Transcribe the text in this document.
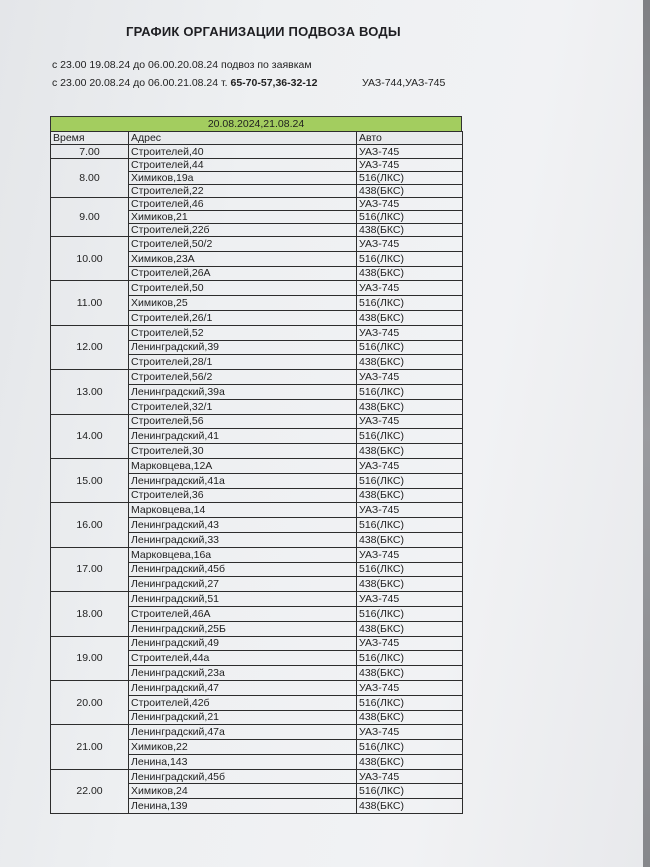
ГРАФИК ОРГАНИЗАЦИИ ПОДВОЗА ВОДЫ
с 23.00 19.08.24 до 06.00.20.08.24 подвоз по заявкам
с 23.00 20.08.24 до 06.00.21.08.24 т. 65-70-57,36-32-12	УАЗ-744,УАЗ-745
20.08.2024,21.08.24
Время	Адрес	Авто
7.00	Строителей,40	УАЗ-745
8.00	Строителей,44	УАЗ-745
	Химиков,19а	516(ЛКС)
	Строителей,22	438(БКС)
9.00	Строителей,46	УАЗ-745
	Химиков,21	516(ЛКС)
	Строителей,22б	438(БКС)
10.00	Строителей,50/2	УАЗ-745
	Химиков,23А	516(ЛКС)
	Строителей,26А	438(БКС)
11.00	Строителей,50	УАЗ-745
	Химиков,25	516(ЛКС)
	Строителей,26/1	438(БКС)
12.00	Строителей,52	УАЗ-745
	Ленинградский,39	516(ЛКС)
	Строителей,28/1	438(БКС)
13.00	Строителей,56/2	УАЗ-745
	Ленинградский,39а	516(ЛКС)
	Строителей,32/1	438(БКС)
14.00	Строителей,56	УАЗ-745
	Ленинградский,41	516(ЛКС)
	Строителей,30	438(БКС)
15.00	Марковцева,12А	УАЗ-745
	Ленинградский,41а	516(ЛКС)
	Строителей,36	438(БКС)
16.00	Марковцева,14	УАЗ-745
	Ленинградский,43	516(ЛКС)
	Ленинградский,33	438(БКС)
17.00	Марковцева,16а	УАЗ-745
	Ленинградский,45б	516(ЛКС)
	Ленинградский,27	438(БКС)
18.00	Ленинградский,51	УАЗ-745
	Строителей,46А	516(ЛКС)
	Ленинградский,25Б	438(БКС)
19.00	Ленинградский,49	УАЗ-745
	Строителей,44а	516(ЛКС)
	Ленинградский,23а	438(БКС)
20.00	Ленинградский,47	УАЗ-745
	Строителей,42б	516(ЛКС)
	Ленинградский,21	438(БКС)
21.00	Ленинградский,47а	УАЗ-745
	Химиков,22	516(ЛКС)
	Ленина,143	438(БКС)
22.00	Ленинградский,45б	УАЗ-745
	Химиков,24	516(ЛКС)
	Ленина,139	438(БКС)
